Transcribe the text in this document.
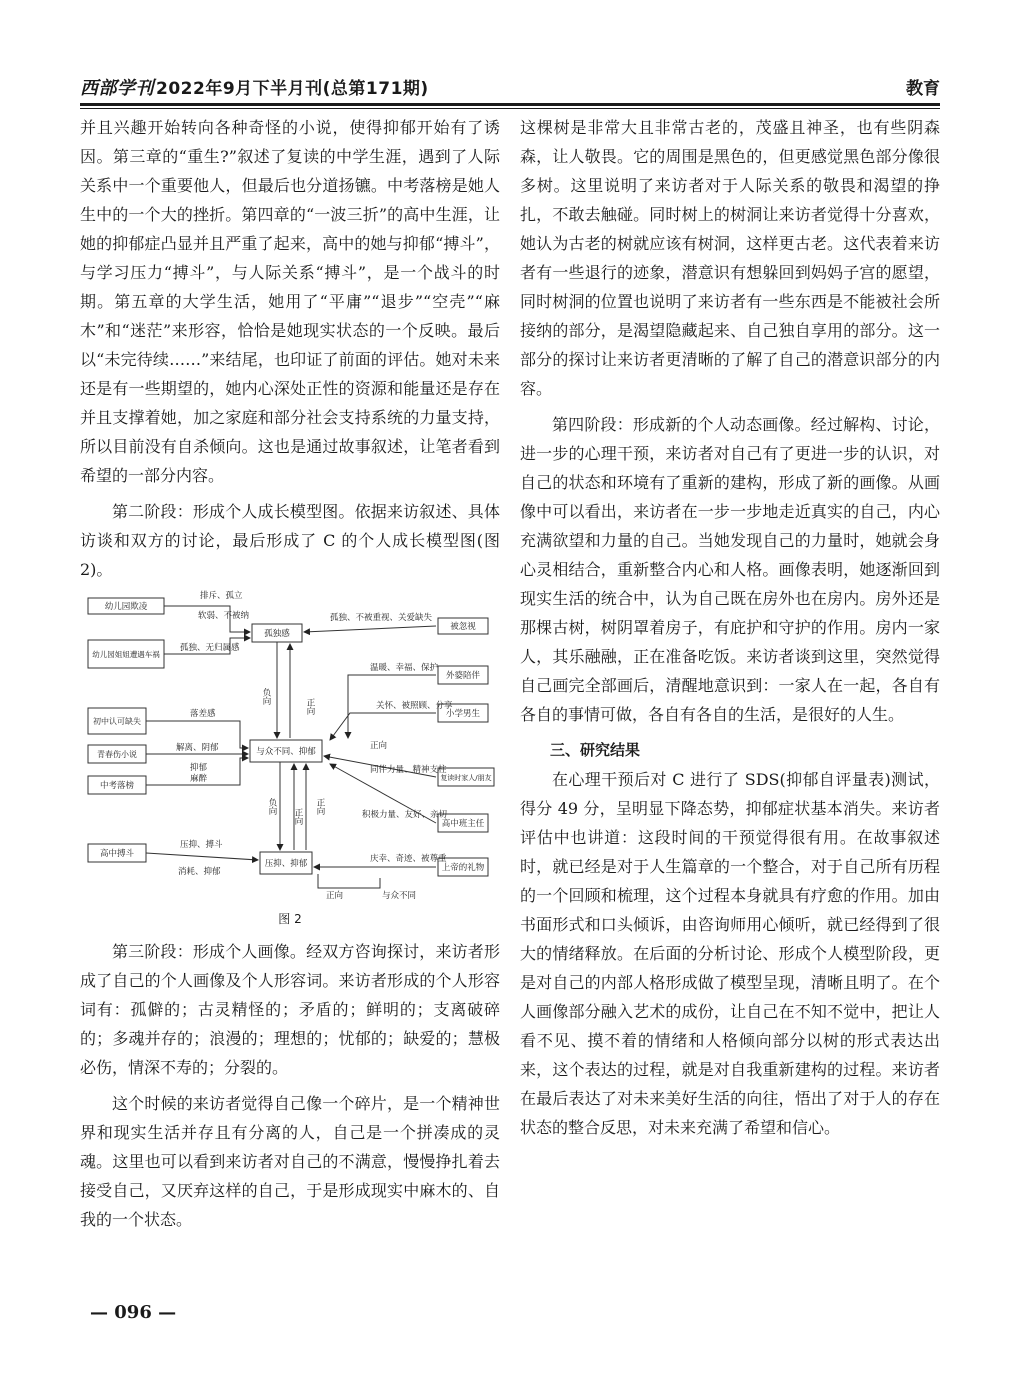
西部学刊 2022年9月下半月刊(总第171期)	教育

并且兴趣开始转向各种奇怪的小说，使得抑郁开始有了诱因。第三章的“重生?”叙述了复读的中学生涯，遇到了人际关系中一个重要他人，但最后也分道扬镳。中考落榜是她人生中的一个大的挫折。第四章的“一波三折”的高中生涯，让她的抑郁症凸显并且严重了起来，高中的她与抑郁“搏斗”，与学习压力“搏斗”，与人际关系“搏斗”，是一个战斗的时期。第五章的大学生活，她用了“平庸”“退步”“空壳”“麻木”和“迷茫”来形容，恰恰是她现实状态的一个反映。最后以“未完待续……”来结尾，也印证了前面的评估。她对未来还是有一些期望的，她内心深处正性的资源和能量还是存在并且支撑着她，加之家庭和部分社会支持系统的力量支持，所以目前没有自杀倾向。这也是通过故事叙述，让笔者看到希望的一部分内容。

第二阶段：形成个人成长模型图。依据来访叙述、具体访谈和双方的讨论，最后形成了 C 的个人成长模型图(图 2)。

幼儿园欺凌
幼儿园姐姐遭遇车祸
初中认可缺失
青春伤小说
中考落榜
高中搏斗
孤独感
与众不同、抑郁
压抑、抑郁
被忽视
外婆陪伴
小学男生
复读时家人/朋友
高中班主任
上帝的礼物
排斥、孤立
软弱、不被纳
孤独、无归属感
落差感
解离、阴郁
抑郁
麻醉
压抑、搏斗
消耗、抑郁
孤独、不被重视、关爱缺失
温暖、幸福、保护
关怀、被照顾、分享
同伴力量、精神支柱
积极力量、友好、亲切
庆幸、奇迹、被尊重
正向
正向	与众不同
负向
正向
负向
正向
正向
图 2

第三阶段：形成个人画像。经双方咨询探讨，来访者形成了自己的个人画像及个人形容词。来访者形成的个人形容词有：孤僻的；古灵精怪的；矛盾的；鲜明的；支离破碎的；多魂并存的；浪漫的；理想的；忧郁的；缺爱的；慧极必伤，情深不寿的；分裂的。

这个时候的来访者觉得自己像一个碎片，是一个精神世界和现实生活并存且有分离的人，自己是一个拼凑成的灵魂。这里也可以看到来访者对自己的不满意，慢慢挣扎着去接受自己，又厌弃这样的自己，于是形成现实中麻木的、自我的一个状态。

这棵树是非常大且非常古老的，茂盛且神圣，也有些阴森森，让人敬畏。它的周围是黑色的，但更感觉黑色部分像很多树。这里说明了来访者对于人际关系的敬畏和渴望的挣扎，不敢去触碰。同时树上的树洞让来访者觉得十分喜欢，她认为古老的树就应该有树洞，这样更古老。这代表着来访者有一些退行的迹象，潜意识有想躲回到妈妈子宫的愿望，同时树洞的位置也说明了来访者有一些东西是不能被社会所接纳的部分，是渴望隐藏起来、自己独自享用的部分。这一部分的探讨让来访者更清晰的了解了自己的潜意识部分的内容。

第四阶段：形成新的个人动态画像。经过解构、讨论，进一步的心理干预，来访者对自己有了更进一步的认识，对自己的状态和环境有了重新的建构，形成了新的画像。从画像中可以看出，来访者在一步一步地走近真实的自己，内心充满欲望和力量的自己。当她发现自己的力量时，她就会身心灵相结合，重新整合内心和人格。画像表明，她逐渐回到现实生活的统合中，认为自己既在房外也在房内。房外还是那棵古树，树阴罩着房子，有庇护和守护的作用。房内一家人，其乐融融，正在准备吃饭。来访者谈到这里，突然觉得自己画完全部画后，清醒地意识到：一家人在一起，各自有各自的事情可做，各自有各自的生活，是很好的人生。

三、研究结果

在心理干预后对 C 进行了 SDS(抑郁自评量表)测试，得分 49 分，呈明显下降态势，抑郁症状基本消失。来访者评估中也讲道：这段时间的干预觉得很有用。在故事叙述时，就已经是对于人生篇章的一个整合，对于自己所有历程的一个回顾和梳理，这个过程本身就具有疗愈的作用。加由书面形式和口头倾诉，由咨询师用心倾听，就已经得到了很大的情绪释放。在后面的分析讨论、形成个人模型阶段，更是对自己的内部人格形成做了模型呈现，清晰且明了。在个人画像部分融入艺术的成份，让自己在不知不觉中，把让人看不见、摸不着的情绪和人格倾向部分以树的形式表达出来，这个表达的过程，就是对自我重新建构的过程。来访者在最后表达了对未来美好生活的向往，悟出了对于人的存在状态的整合反思，对未来充满了希望和信心。

— 096 —
